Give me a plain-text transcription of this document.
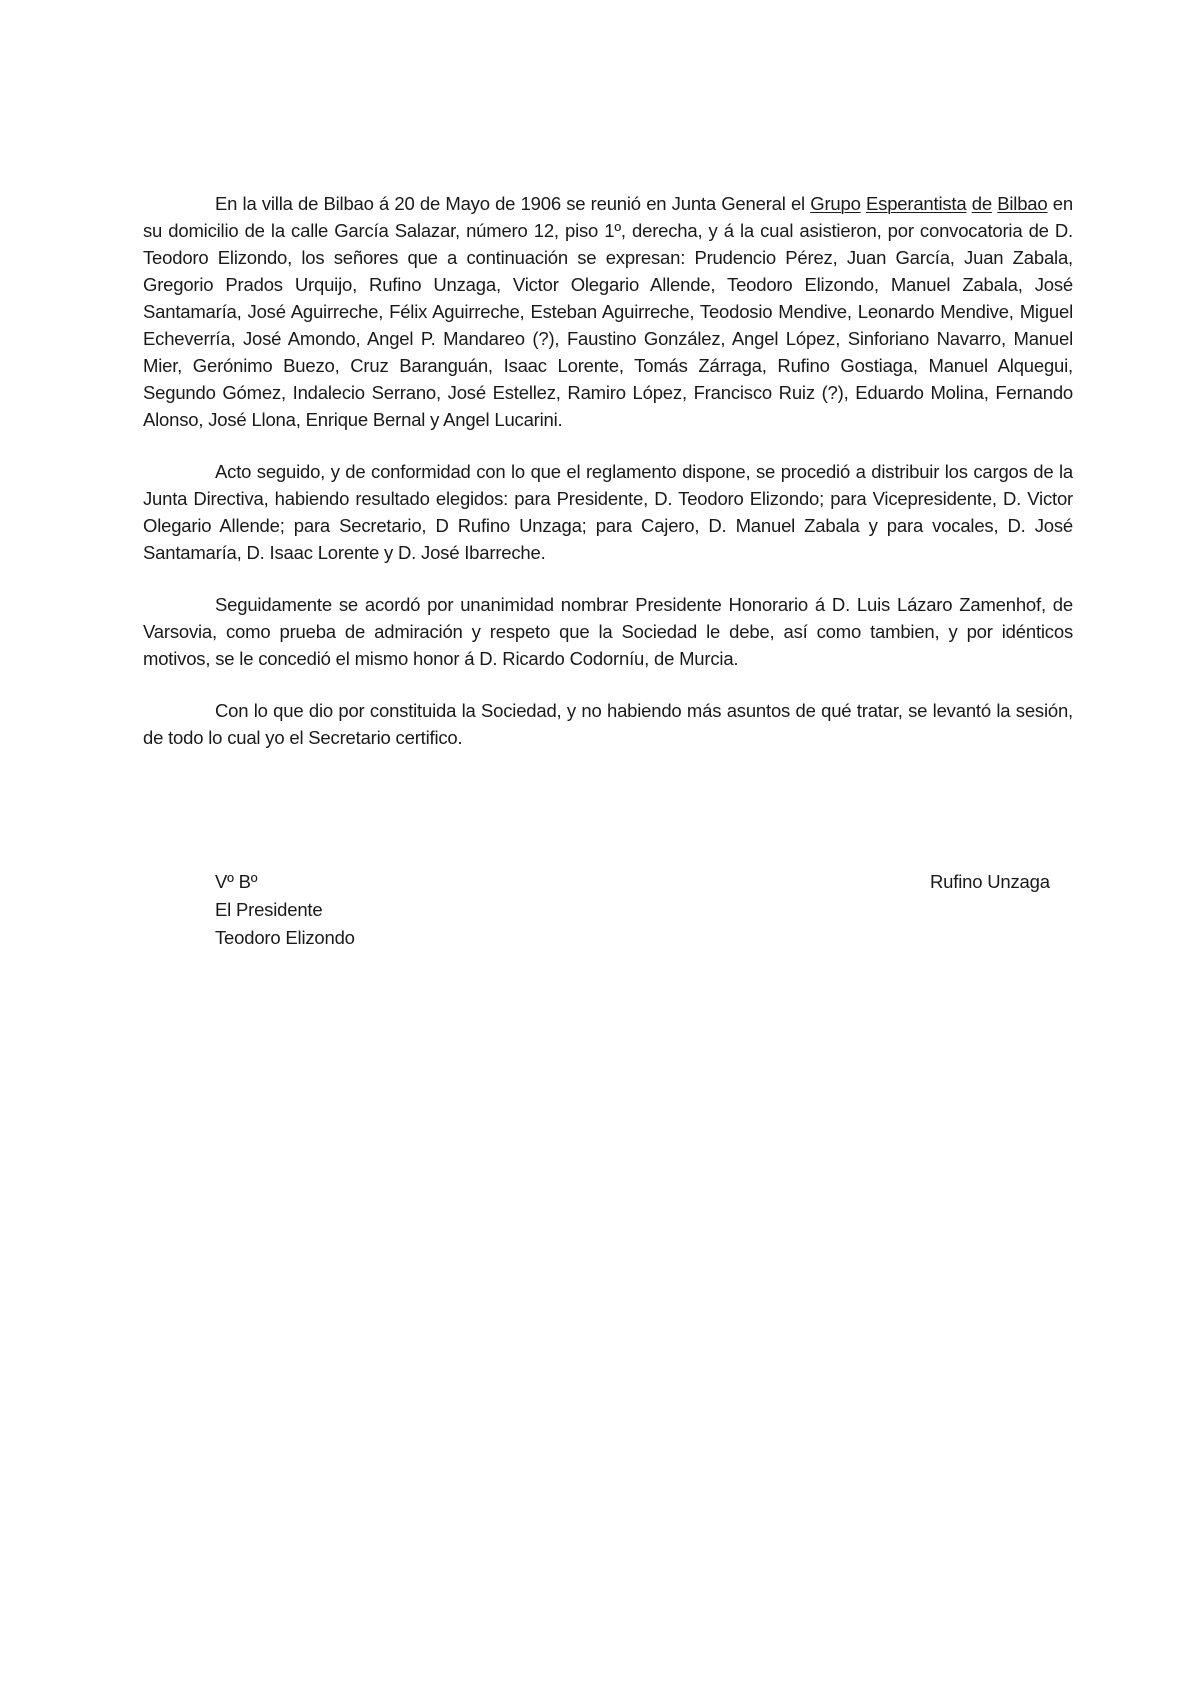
En la villa de Bilbao á 20 de Mayo de 1906 se reunió en Junta General el Grupo Esperantista de Bilbao en su domicilio de la calle García Salazar, número 12, piso 1º, derecha, y á la cual asistieron, por convocatoria de D. Teodoro Elizondo, los señores que a continuación se expresan: Prudencio Pérez, Juan García, Juan Zabala, Gregorio Prados Urquijo, Rufino Unzaga, Victor Olegario Allende, Teodoro Elizondo, Manuel Zabala, José Santamaría, José Aguirreche, Félix Aguirreche, Esteban Aguirreche, Teodosio Mendive, Leonardo Mendive, Miguel Echeverría, José Amondo, Angel P. Mandareo (?), Faustino González, Angel López, Sinforiano Navarro, Manuel Mier, Gerónimo Buezo, Cruz Baranguán, Isaac Lorente, Tomás Zárraga, Rufino Gostiaga, Manuel Alquegui, Segundo Gómez, Indalecio Serrano, José Estellez, Ramiro López, Francisco Ruiz (?), Eduardo Molina, Fernando Alonso, José Llona, Enrique Bernal y Angel Lucarini.

Acto seguido, y de conformidad con lo que el reglamento dispone, se procedió a distribuir los cargos de la Junta Directiva, habiendo resultado elegidos: para Presidente, D. Teodoro Elizondo; para Vicepresidente, D. Victor Olegario Allende; para Secretario, D Rufino Unzaga; para Cajero, D. Manuel Zabala y para vocales, D. José Santamaría, D. Isaac Lorente y D. José Ibarreche.

Seguidamente se acordó por unanimidad nombrar Presidente Honorario á D. Luis Lázaro Zamenhof, de Varsovia, como prueba de admiración y respeto que la Sociedad le debe, así como tambien, y por idénticos motivos, se le concedió el mismo honor á D. Ricardo Codorníu, de Murcia.

Con lo que dio por constituida la Sociedad, y no habiendo más asuntos de qué tratar, se levantó la sesión, de todo lo cual yo el Secretario certifico.

Vº Bº
El Presidente
Teodoro Elizondo
Rufino Unzaga
